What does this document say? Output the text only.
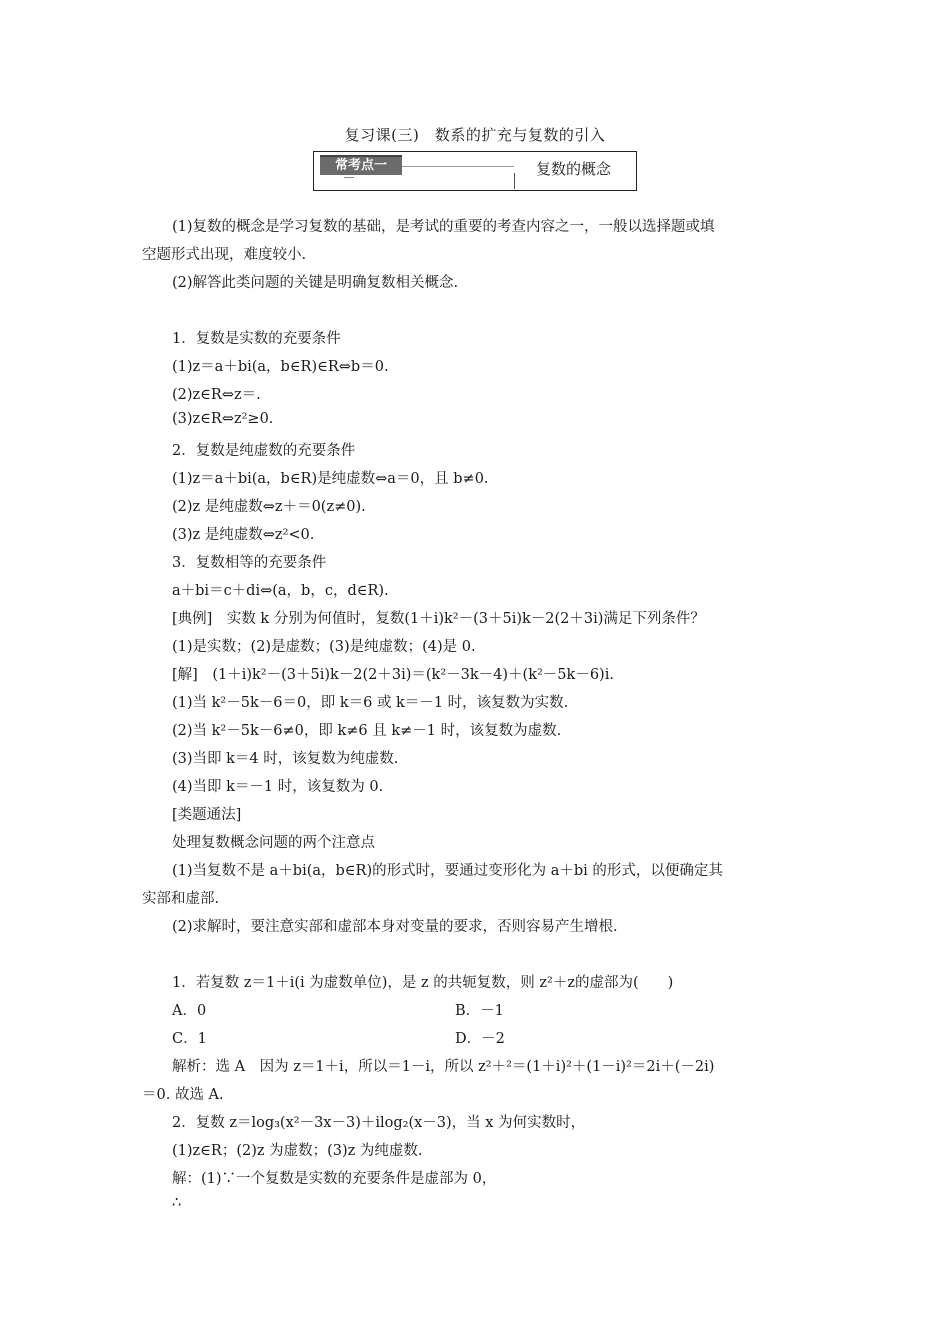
复习课(三)　数系的扩充与复数的引入
常考点一	复数的概念
(1)复数的概念是学习复数的基础，是考试的重要的考查内容之一，一般以选择题或填
空题形式出现，难度较小.
(2)解答此类问题的关键是明确复数相关概念.
1．复数是实数的充要条件
(1)z＝a＋bi(a，b∈R)∈R⇔b＝0.
(2)z∈R⇔z＝.
(3)z∈R⇔z²≥0.
2．复数是纯虚数的充要条件
(1)z＝a＋bi(a，b∈R)是纯虚数⇔a＝0，且 b≠0.
(2)z 是纯虚数⇔z＋＝0(z≠0).
(3)z 是纯虚数⇔z²<0.
3．复数相等的充要条件
a＋bi＝c＋di⇔(a，b，c，d∈R).
[典例]　实数 k 分别为何值时，复数(1＋i)k²－(3＋5i)k－2(2＋3i)满足下列条件？
(1)是实数；(2)是虚数；(3)是纯虚数；(4)是 0.
[解]　(1＋i)k²－(3＋5i)k－2(2＋3i)＝(k²－3k－4)＋(k²－5k－6)i.
(1)当 k²－5k－6＝0，即 k＝6 或 k＝－1 时，该复数为实数.
(2)当 k²－5k－6≠0，即 k≠6 且 k≠－1 时，该复数为虚数.
(3)当即 k＝4 时，该复数为纯虚数.
(4)当即 k＝－1 时，该复数为 0.
[类题通法]
处理复数概念问题的两个注意点
(1)当复数不是 a＋bi(a，b∈R)的形式时，要通过变形化为 a＋bi 的形式，以便确定其
实部和虚部.
(2)求解时，要注意实部和虚部本身对变量的要求，否则容易产生增根.
1．若复数 z＝1＋i(i 为虚数单位)，是 z 的共轭复数，则 z²＋z的虚部为(　　)
A．0	B．－1
C．1	D．－2
解析：选 A　因为 z＝1＋i，所以＝1－i，所以 z²＋²＝(1＋i)²＋(1－i)²＝2i＋(－2i)
＝0. 故选 A.
2．复数 z＝log₃(x²－3x－3)＋ilog₂(x－3)，当 x 为何实数时，
(1)z∈R；(2)z 为虚数；(3)z 为纯虚数.
解：(1)∵一个复数是实数的充要条件是虚部为 0，
∴
